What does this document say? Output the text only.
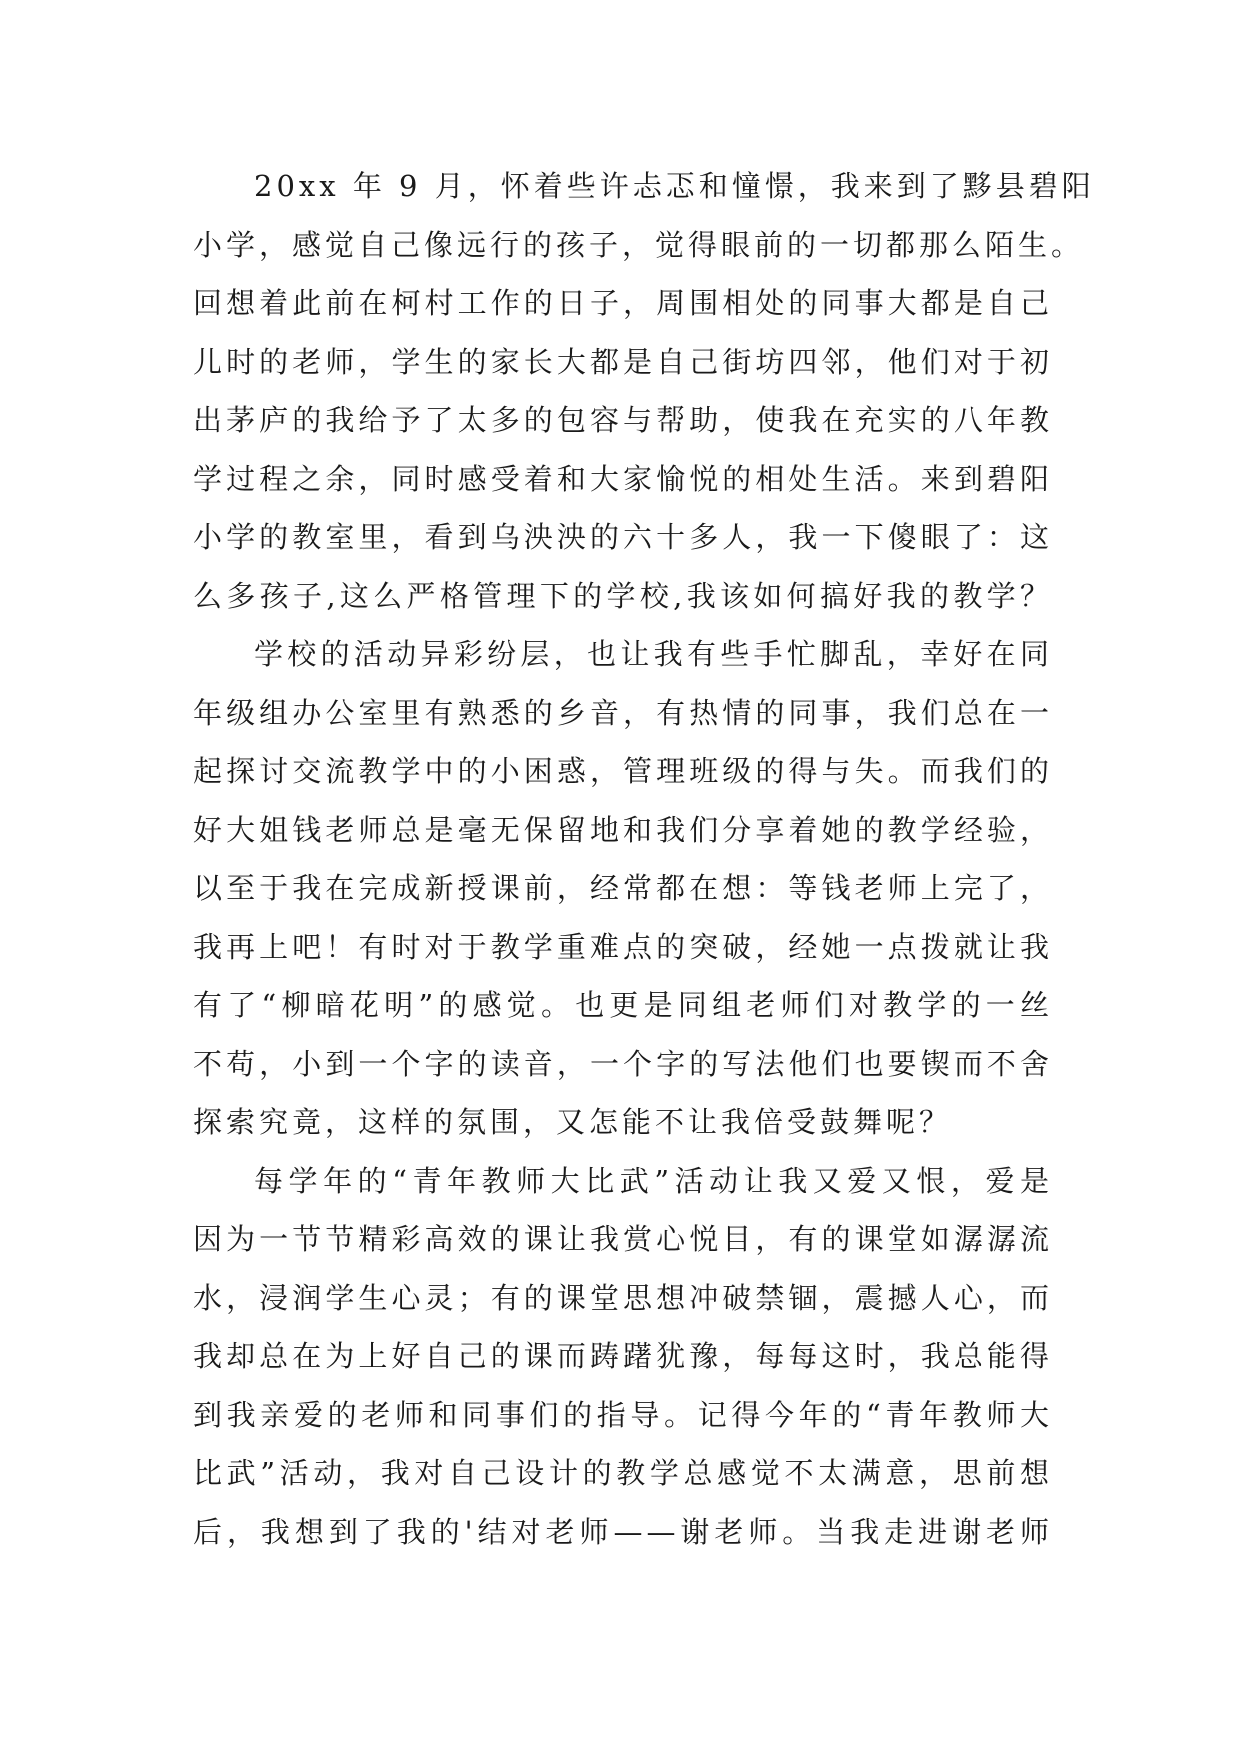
20xx 年 9 月，怀着些许忐忑和憧憬，我来到了黟县碧阳
小学，感觉自己像远行的孩子，觉得眼前的一切都那么陌生。
回想着此前在柯村工作的日子，周围相处的同事大都是自己
儿时的老师，学生的家长大都是自己街坊四邻，他们对于初
出茅庐的我给予了太多的包容与帮助，使我在充实的八年教
学过程之余，同时感受着和大家愉悦的相处生活。来到碧阳
小学的教室里，看到乌泱泱的六十多人，我一下傻眼了：这
么多孩子,这么严格管理下的学校,我该如何搞好我的教学？
学校的活动异彩纷层，也让我有些手忙脚乱，幸好在同
年级组办公室里有熟悉的乡音，有热情的同事，我们总在一
起探讨交流教学中的小困惑，管理班级的得与失。而我们的
好大姐钱老师总是毫无保留地和我们分享着她的教学经验，
以至于我在完成新授课前，经常都在想：等钱老师上完了，
我再上吧！有时对于教学重难点的突破，经她一点拨就让我
有了“柳暗花明”的感觉。也更是同组老师们对教学的一丝
不苟，小到一个字的读音，一个字的写法他们也要锲而不舍
探索究竟，这样的氛围，又怎能不让我倍受鼓舞呢？
每学年的“青年教师大比武”活动让我又爱又恨，爱是
因为一节节精彩高效的课让我赏心悦目，有的课堂如潺潺流
水，浸润学生心灵；有的课堂思想冲破禁锢，震撼人心，而
我却总在为上好自己的课而踌躇犹豫，每每这时，我总能得
到我亲爱的老师和同事们的指导。记得今年的“青年教师大
比武”活动，我对自己设计的教学总感觉不太满意，思前想
后，我想到了我的'结对老师——谢老师。当我走进谢老师
